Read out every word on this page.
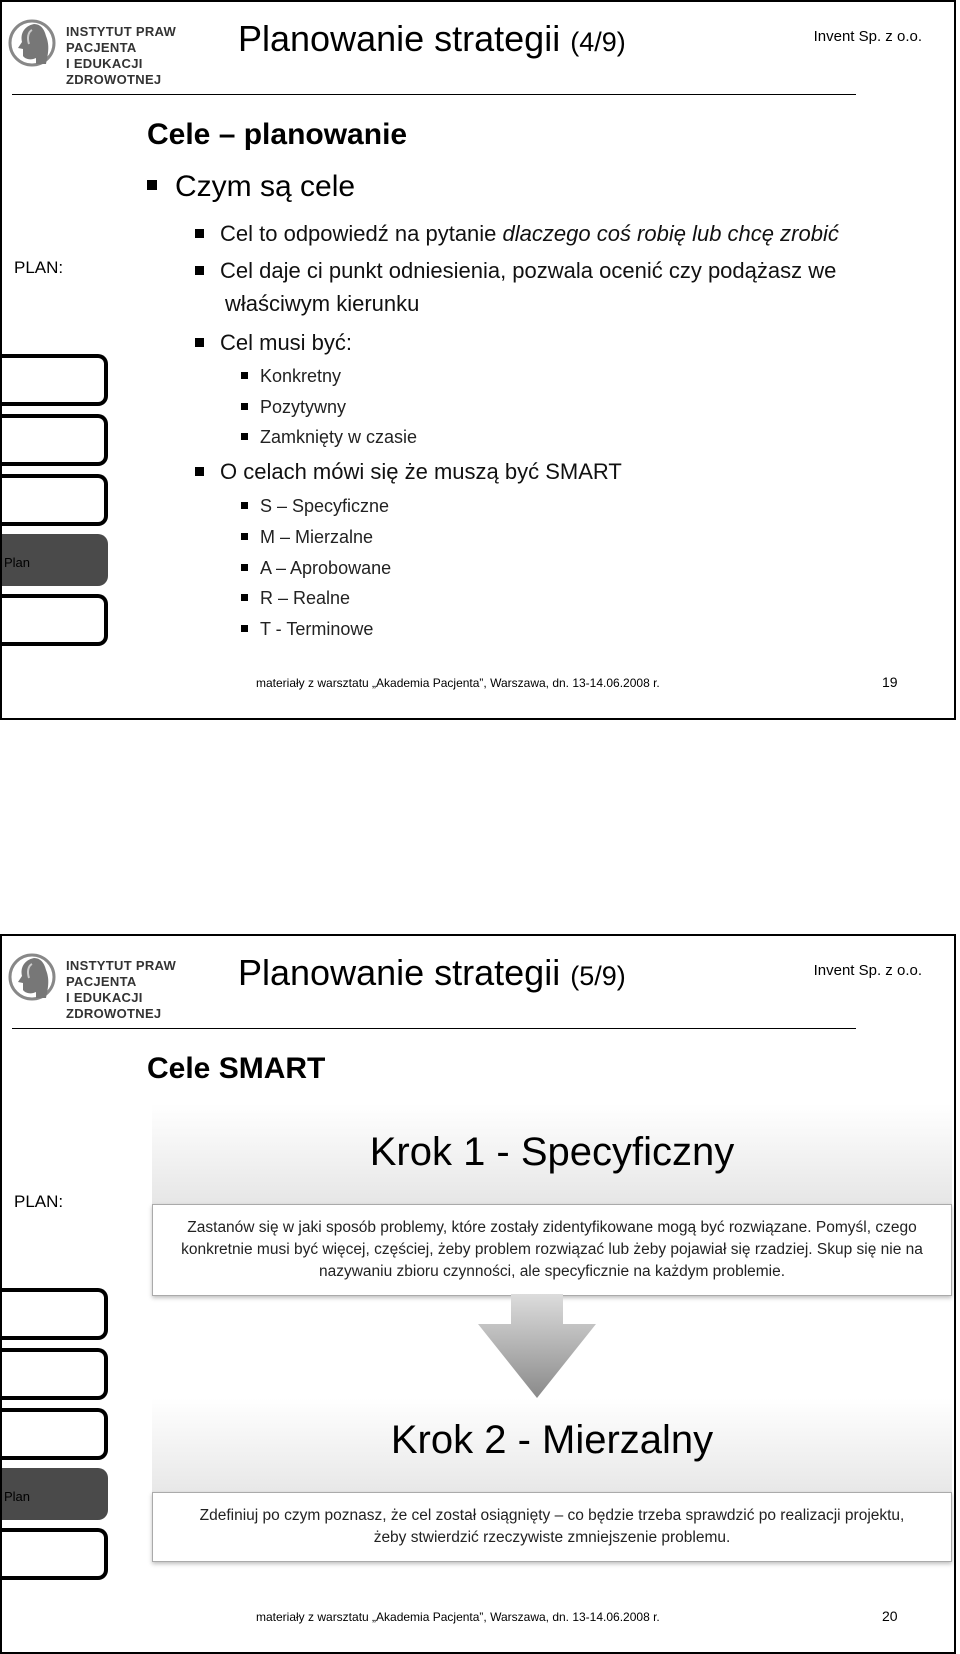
INSTYTUT PRAW PACJENTA
I EDUKACJI ZDROWOTNEJ
Planowanie strategii (4/9)	Invent Sp. z o.o.
PLAN:
Plan
Cele – planowanie
Czym są cele
Cel to odpowiedź na pytanie dlaczego coś robię lub chcę zrobić
Cel daje ci punkt odniesienia, pozwala ocenić czy podążasz we
właściwym kierunku
Cel musi być:
Konkretny
Pozytywny
Zamknięty w czasie
O celach mówi się że muszą być SMART
S – Specyficzne
M – Mierzalne
A – Aprobowane
R – Realne
T - Terminowe
materiały z warsztatu „Akademia Pacjenta”, Warszawa, dn. 13-14.06.2008 r.	19
INSTYTUT PRAW PACJENTA
I EDUKACJI ZDROWOTNEJ
Planowanie strategii (5/9)	Invent Sp. z o.o.
PLAN:
Plan
Cele SMART
Krok 1 - Specyficzny
Zastanów się w jaki sposób problemy, które zostały zidentyfikowane mogą być rozwiązane. Pomyśl, czego konkretnie musi być więcej, częściej, żeby problem rozwiązać lub żeby pojawiał się rzadziej. Skup się nie na nazywaniu zbioru czynności, ale specyficznie na każdym problemie.
Krok 2 - Mierzalny
Zdefiniuj po czym poznasz, że cel został osiągnięty – co będzie trzeba sprawdzić po realizacji projektu, żeby stwierdzić rzeczywiste zmniejszenie problemu.
materiały z warsztatu „Akademia Pacjenta”, Warszawa, dn. 13-14.06.2008 r.	20
